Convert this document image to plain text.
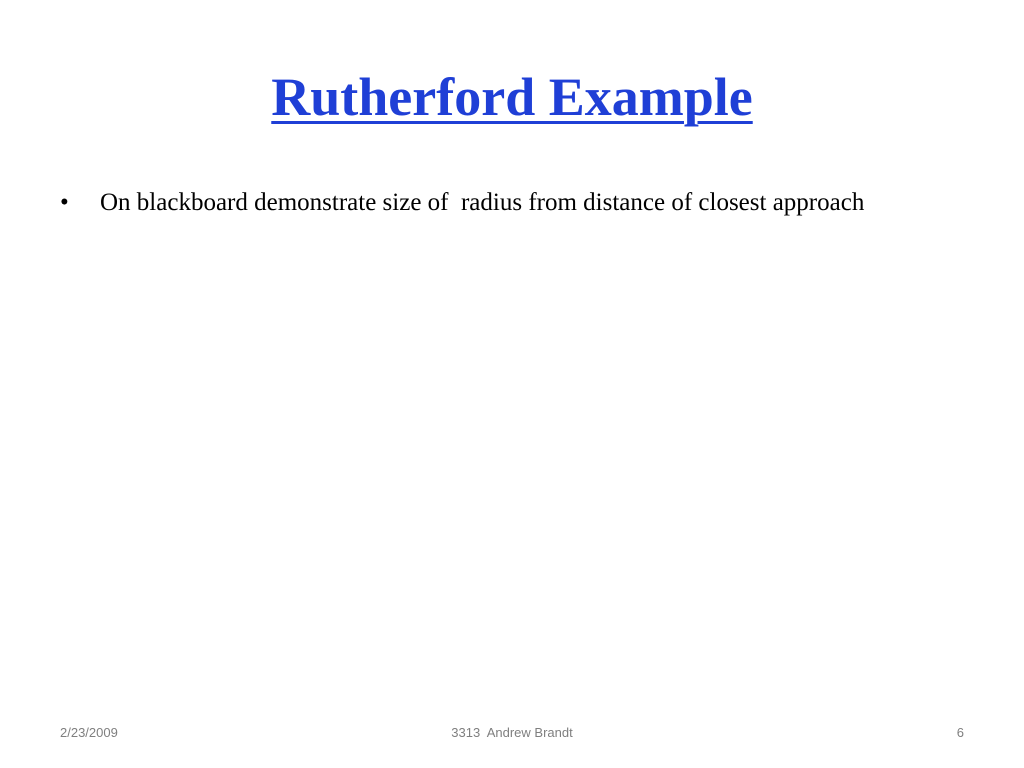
Rutherford Example
• On blackboard demonstrate size of  radius from distance of closest approach
2/23/2009	3313  Andrew Brandt	6
